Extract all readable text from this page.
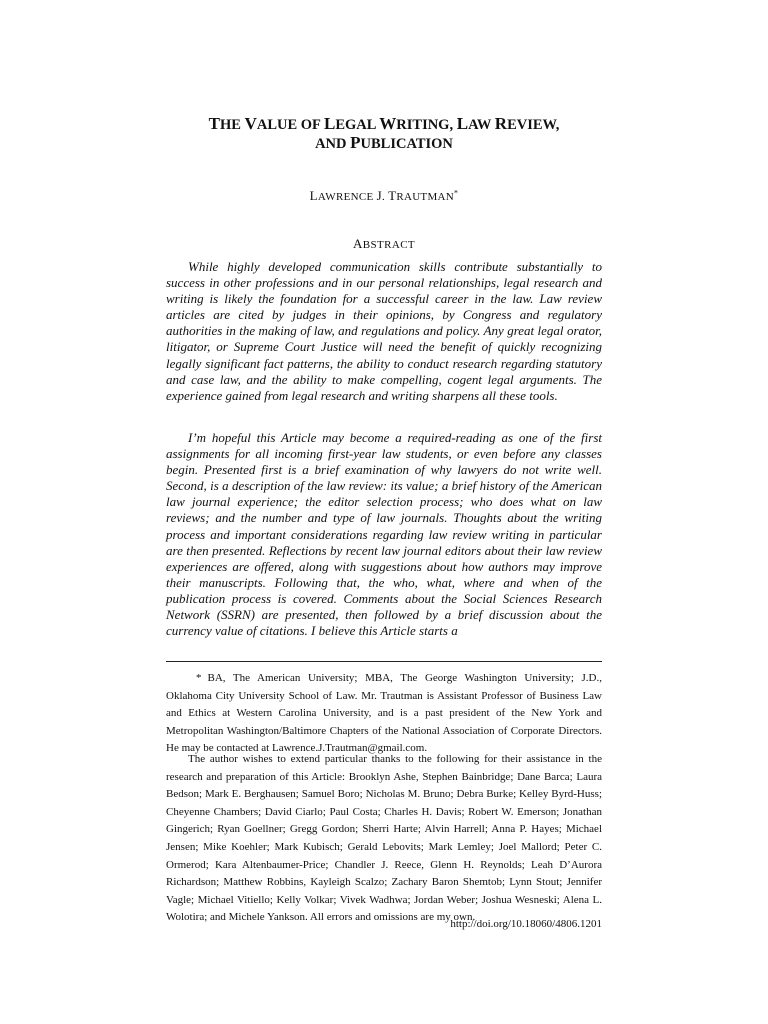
THE VALUE OF LEGAL WRITING, LAW REVIEW,
AND PUBLICATION
LAWRENCE J. TRAUTMAN*
ABSTRACT

While highly developed communication skills contribute substantially to success in other professions and in our personal relationships, legal research and writing is likely the foundation for a successful career in the law. Law review articles are cited by judges in their opinions, by Congress and regulatory authorities in the making of law, and regulations and policy. Any great legal orator, litigator, or Supreme Court Justice will need the benefit of quickly recognizing legally significant fact patterns, the ability to conduct research regarding statutory and case law, and the ability to make compelling, cogent legal arguments. The experience gained from legal research and writing sharpens all these tools.

I’m hopeful this Article may become a required-reading as one of the first assignments for all incoming first-year law students, or even before any classes begin. Presented first is a brief examination of why lawyers do not write well. Second, is a description of the law review: its value; a brief history of the American law journal experience; the editor selection process; who does what on law reviews; and the number and type of law journals. Thoughts about the writing process and important considerations regarding law review writing in particular are then presented. Reflections by recent law journal editors about their law review experiences are offered, along with suggestions about how authors may improve their manuscripts. Following that, the who, what, where and when of the publication process is covered. Comments about the Social Sciences Research Network (SSRN) are presented, then followed by a brief discussion about the currency value of citations. I believe this Article starts a

* BA, The American University; MBA, The George Washington University; J.D., Oklahoma City University School of Law. Mr. Trautman is Assistant Professor of Business Law and Ethics at Western Carolina University, and is a past president of the New York and Metropolitan Washington/Baltimore Chapters of the National Association of Corporate Directors. He may be contacted at Lawrence.J.Trautman@gmail.com.

The author wishes to extend particular thanks to the following for their assistance in the research and preparation of this Article: Brooklyn Ashe, Stephen Bainbridge; Dane Barca; Laura Bedson; Mark E. Berghausen; Samuel Boro; Nicholas M. Bruno; Debra Burke; Kelley Byrd-Huss; Cheyenne Chambers; David Ciarlo; Paul Costa; Charles H. Davis; Robert W. Emerson; Jonathan Gingerich; Ryan Goellner; Gregg Gordon; Sherri Harte; Alvin Harrell; Anna P. Hayes; Michael Jensen; Mike Koehler; Mark Kubisch; Gerald Lebovits; Mark Lemley; Joel Mallord; Peter C. Ormerod; Kara Altenbaumer-Price; Chandler J. Reece, Glenn H. Reynolds; Leah D’Aurora Richardson; Matthew Robbins, Kayleigh Scalzo; Zachary Baron Shemtob; Lynn Stout; Jennifer Vagle; Michael Vitiello; Kelly Volkar; Vivek Wadhwa; Jordan Weber; Joshua Wesneski; Alena L. Wolotira; and Michele Yankson. All errors and omissions are my own.

http://doi.org/10.18060/4806.1201
